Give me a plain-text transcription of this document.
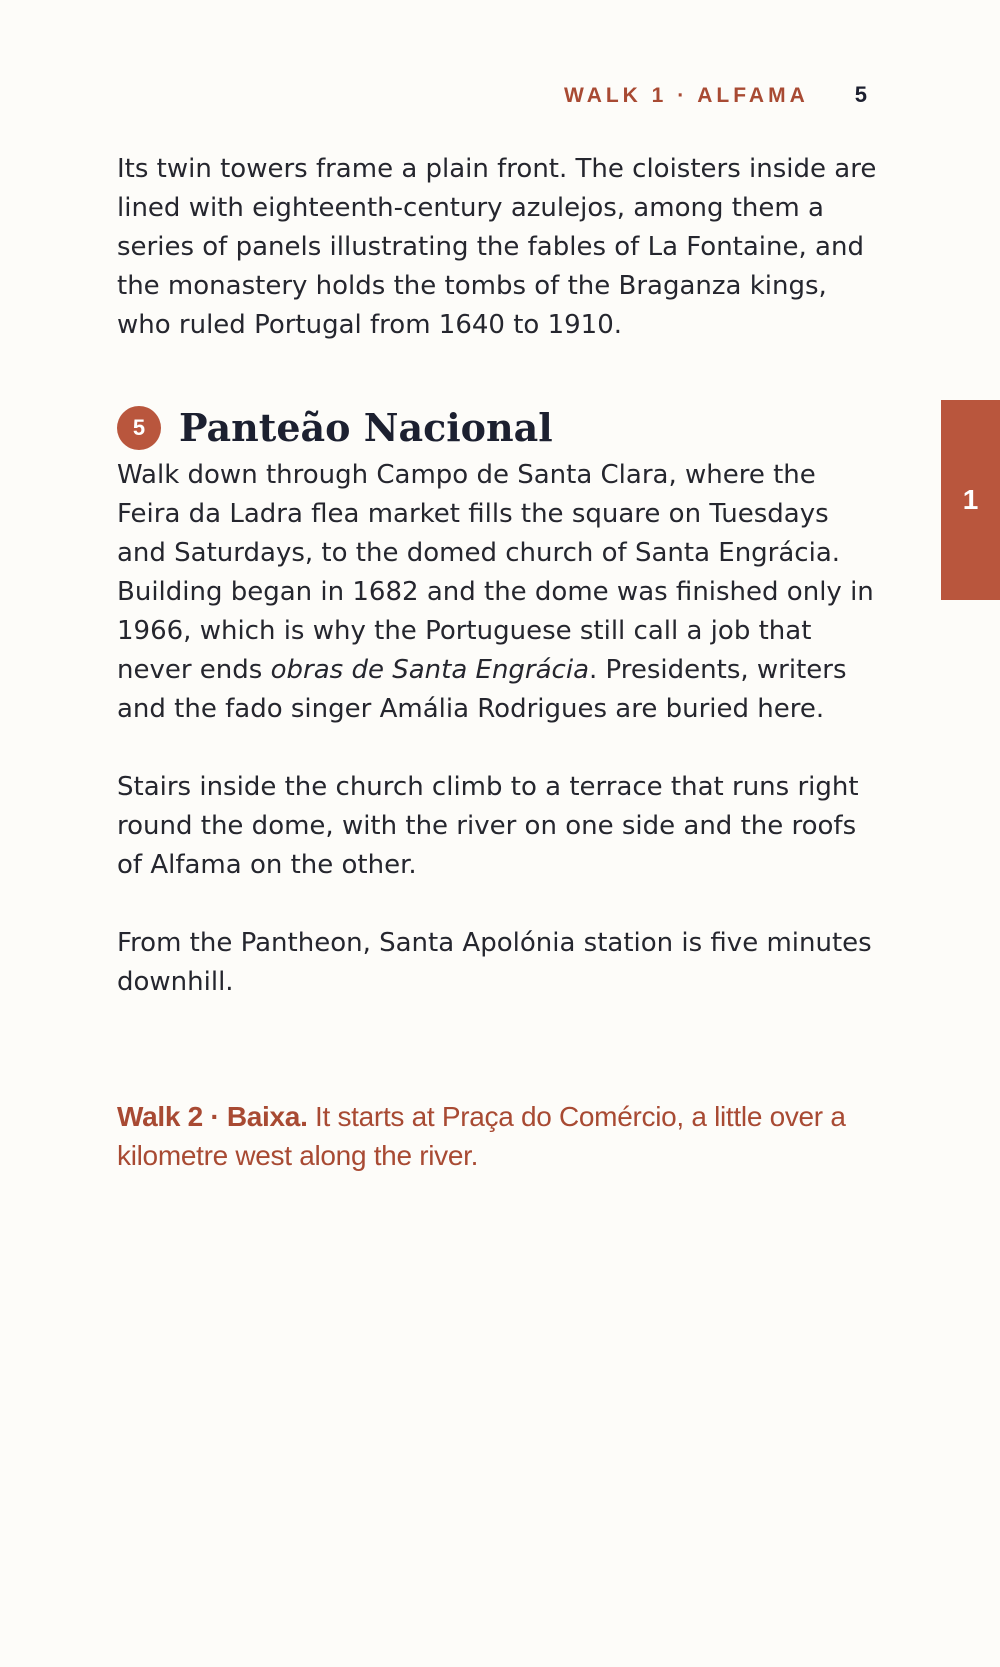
WALK 1 · ALFAMA 5
1

Its twin towers frame a plain front. The cloisters inside are lined with eighteenth-century azulejos, among them a series of panels illustrating the fables of La Fontaine, and the monastery holds the tombs of the Braganza kings, who ruled Portugal from 1640 to 1910.

5 Panteão Nacional

Walk down through Campo de Santa Clara, where the Feira da Ladra flea market fills the square on Tuesdays and Saturdays, to the domed church of Santa Engrácia. Building began in 1682 and the dome was finished only in 1966, which is why the Portuguese still call a job that never ends obras de Santa Engrácia. Presidents, writers and the fado singer Amália Rodrigues are buried here.

Stairs inside the church climb to a terrace that runs right round the dome, with the river on one side and the roofs of Alfama on the other.

From the Pantheon, Santa Apolónia station is five minutes downhill.

Walk 2 · Baixa. It starts at Praça do Comércio, a little over a kilometre west along the river.
